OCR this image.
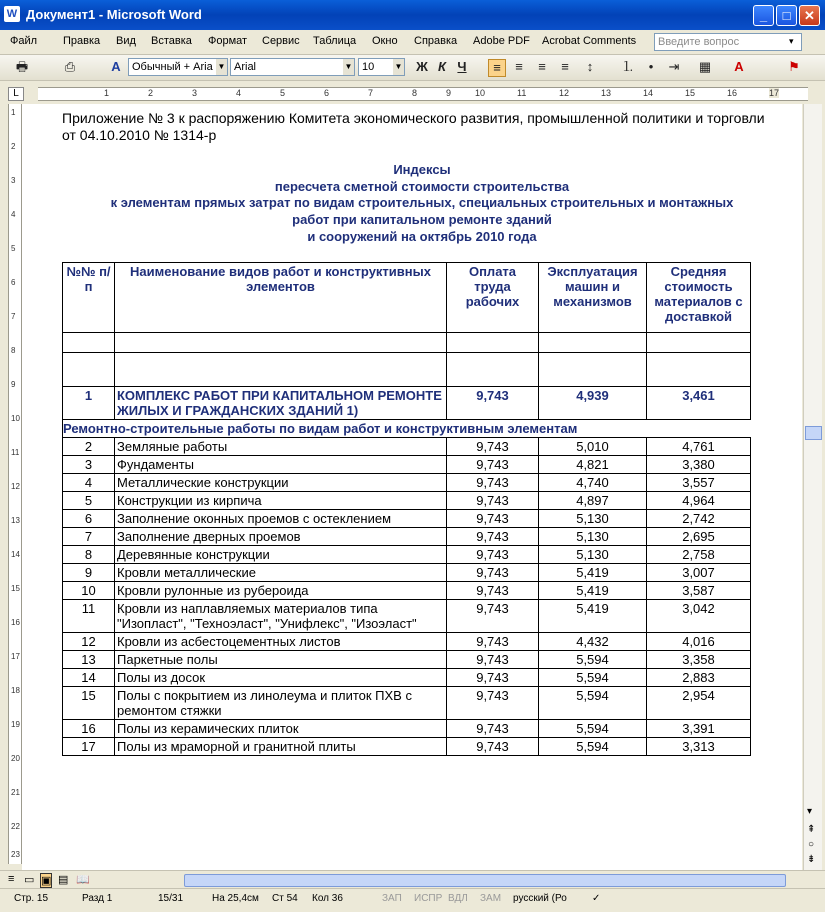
W Документ1 - Microsoft Word	_	□	✕
Файл Правка Вид Вставка Формат Сервис Таблица Окно Справка Adobe PDF Acrobat Comments	Введите вопрос	▾
🖶	⎙	A	Обычный + Aria ▼ Arial	▼ 10	▼ Ж К Ч	≡	≡	≡	≡	↕	⒈	•	⇥ ▦ A	⚑
L	1	2	3	4	5	6	7	8	9	10	11	12	13	14	15	16	17
1
2
3
4
5
6
7
8
9
10
11
12
13
14
15
16
17
18
19
20
21
22
23
Приложение № 3 к распоряжению Комитета экономического развития, промышленной политики и торговли
от 04.10.2010 № 1314-р
Индексы
пересчета сметной стоимости строительства
к элементам прямых затрат по видам строительных, специальных строительных и монтажных
работ при капитальном ремонте зданий
и сооружений на октябрь 2010 года
№№ п/п	Наименование видов работ и конструктивных элементов	Оплата труда рабочих	Эксплуатация машин и механизмов	Средняя стоимость материалов с доставкой

1	КОМПЛЕКС РАБОТ ПРИ КАПИТАЛЬНОМ РЕМОНТЕ ЖИЛЫХ И ГРАЖДАНСКИХ ЗДАНИЙ 1)	9,743	4,939	3,461
Ремонтно-строительные работы по видам работ и конструктивным элементам				
2	Земляные работы	9,743	5,010	4,761
3	Фундаменты	9,743	4,821	3,380
4	Металлические конструкции	9,743	4,740	3,557
5	Конструкции из кирпича	9,743	4,897	4,964
6	Заполнение оконных проемов с остеклением	9,743	5,130	2,742
7	Заполнение дверных проемов	9,743	5,130	2,695
8	Деревянные конструкции	9,743	5,130	2,758
9	Кровли металлические	9,743	5,419	3,007
10	Кровли рулонные из рубероида	9,743	5,419	3,587
11	Кровли из наплавляемых материалов типа "Изопласт", "Техноэласт", "Унифлекс", "Изоэласт"	9,743	5,419	3,042
12	Кровли из асбестоцементных листов	9,743	4,432	4,016
13	Паркетные полы	9,743	5,594	3,358
14	Полы из досок	9,743	5,594	2,883
15	Полы с покрытием из линолеума и плиток ПХВ с ремонтом стяжки	9,743	5,594	2,954
16	Полы из керамических плиток	9,743	5,594	3,391
17	Полы из мраморной и гранитной плиты	9,743	5,594	3,313
▾
⇞
○
⇟
≡ ▭ ▣ ▤ 📖
Стр. 15	Разд 1	15/31	На 25,4см Ст 54 Кол 36	ЗАП ИСПР ВДЛ ЗАМ русский (Ро	✓
